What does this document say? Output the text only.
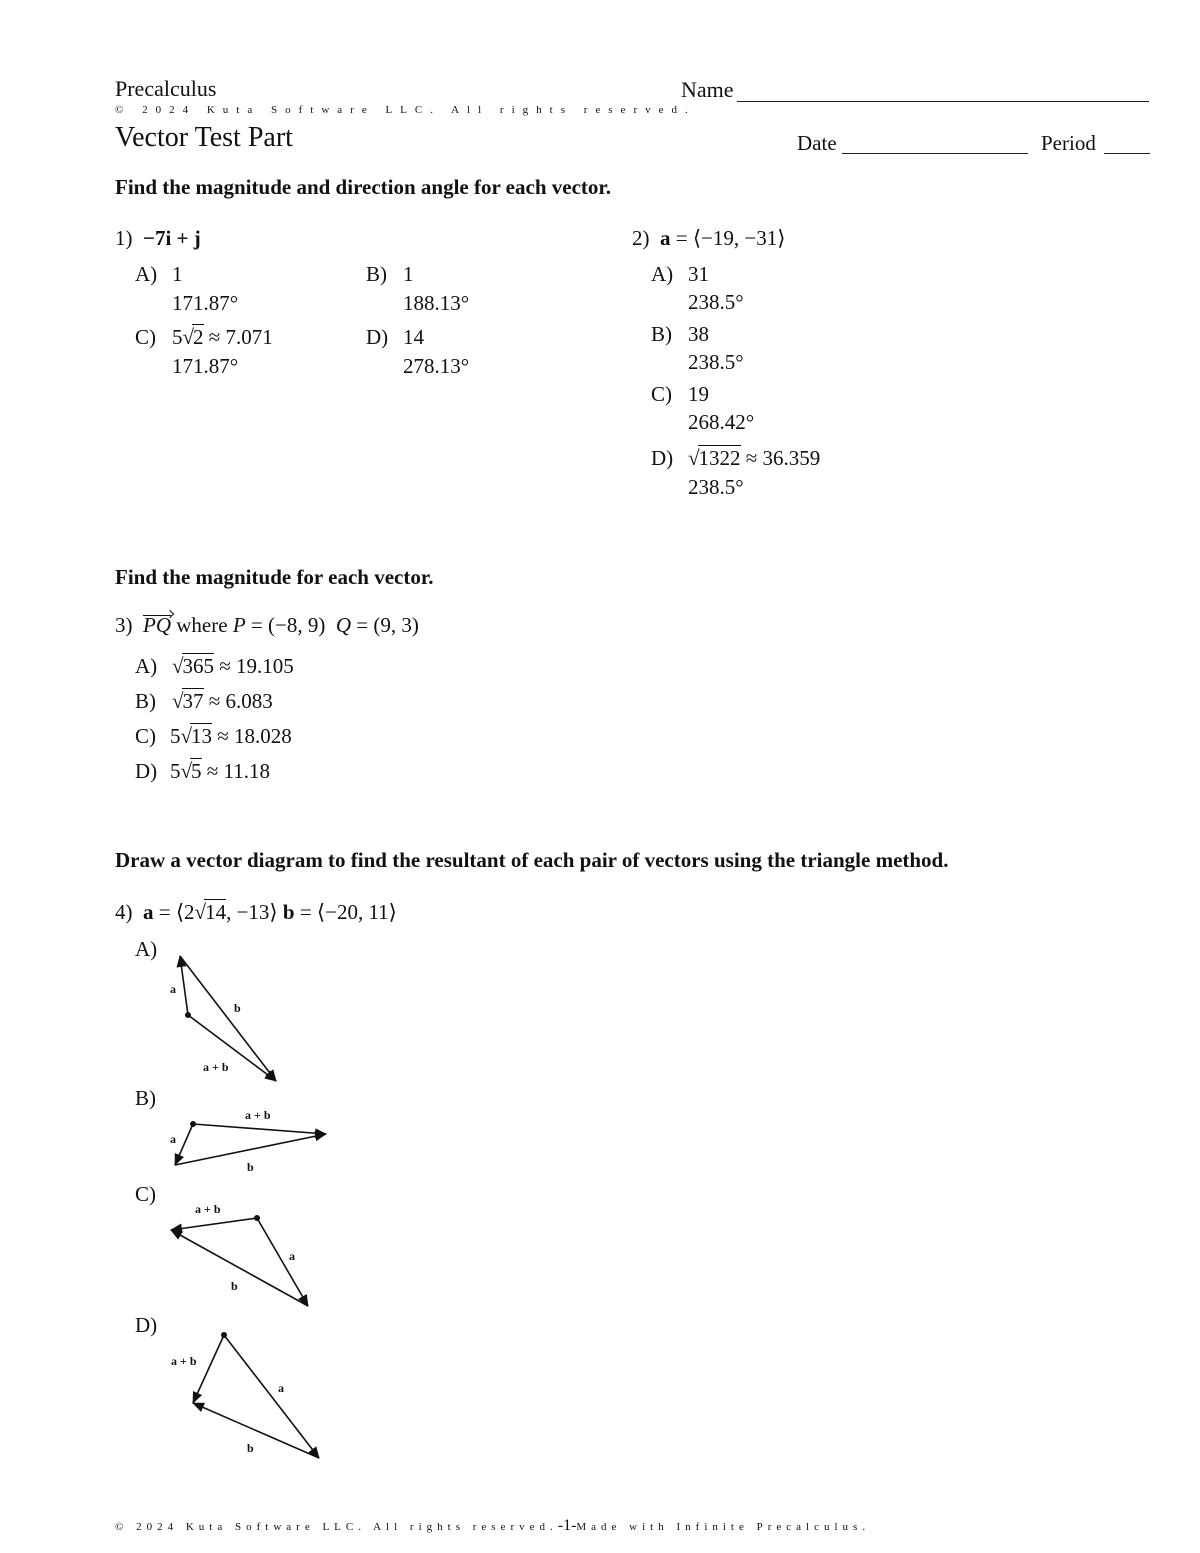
Precalculus
© 2024 Kuta Software LLC. All rights reserved.
Vector Test Part
Name
Date	Period
Find the magnitude and direction angle for each vector.
1) −7i + j
A) 1
171.87°
B) 1
188.13°
C) 5√2 ≈ 7.071
171.87°
D) 14
278.13°
2) a = ⟨−19, −31⟩
A) 31
238.5°
B) 38
238.5°
C) 19
268.42°
D) √1322 ≈ 36.359
238.5°
Find the magnitude for each vector.
3) PQ where P = (−8, 9) Q = (9, 3)
A) √365 ≈ 19.105
B) √37 ≈ 6.083
C) 5√13 ≈ 18.028
D) 5√5 ≈ 11.18
Draw a vector diagram to find the resultant of each pair of vectors using the triangle method.
4) a = ⟨2√14, −13⟩ b = ⟨−20, 11⟩
A)
a
b
a + b
B)
a
b
a + b
C)
a
b
a + b
D)
a
b
a + b
© 2024 Kuta Software LLC. All rights reserved.-1-Made with Infinite Precalculus.
